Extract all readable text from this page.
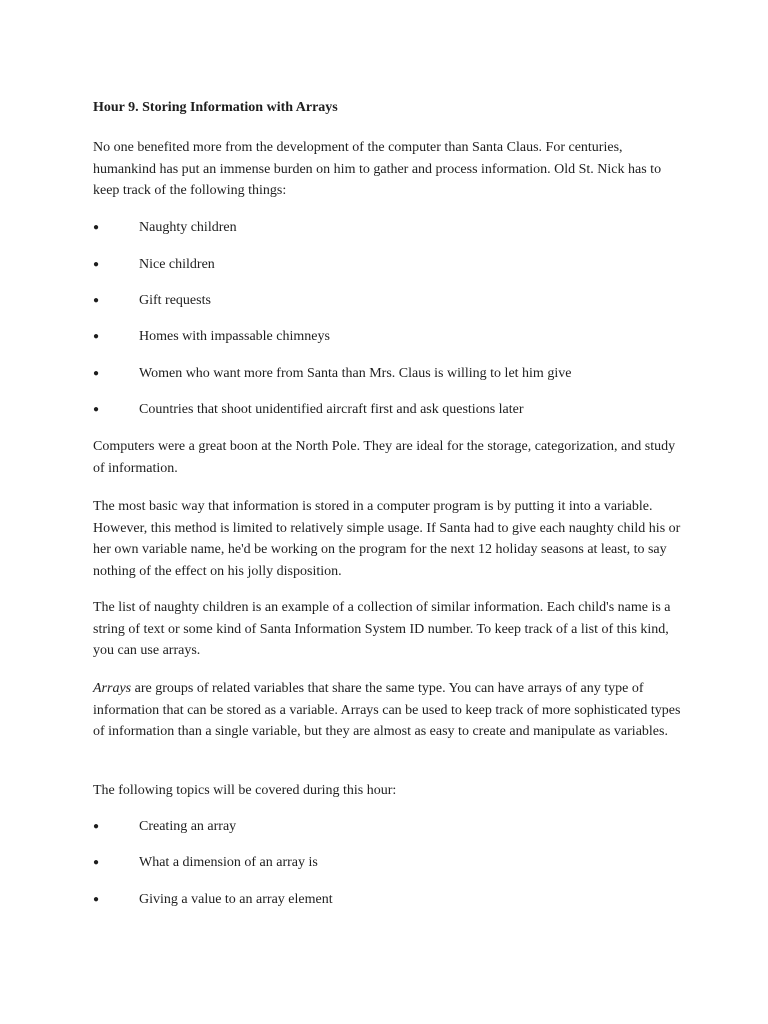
Hour 9. Storing Information with Arrays

No one benefited more from the development of the computer than Santa Claus. For centuries, humankind has put an immense burden on him to gather and process information. Old St. Nick has to keep track of the following things:

●	Naughty children
●	Nice children
●	Gift requests
●	Homes with impassable chimneys
●	Women who want more from Santa than Mrs. Claus is willing to let him give
●	Countries that shoot unidentified aircraft first and ask questions later

Computers were a great boon at the North Pole. They are ideal for the storage, categorization, and study of information.

The most basic way that information is stored in a computer program is by putting it into a variable. However, this method is limited to relatively simple usage. If Santa had to give each naughty child his or her own variable name, he'd be working on the program for the next 12 holiday seasons at least, to say nothing of the effect on his jolly disposition.

The list of naughty children is an example of a collection of similar information. Each child's name is a string of text or some kind of Santa Information System ID number. To keep track of a list of this kind, you can use arrays.

Arrays are groups of related variables that share the same type. You can have arrays of any type of information that can be stored as a variable. Arrays can be used to keep track of more sophisticated types of information than a single variable, but they are almost as easy to create and manipulate as variables.

The following topics will be covered during this hour:

●	Creating an array
●	What a dimension of an array is
●	Giving a value to an array element
